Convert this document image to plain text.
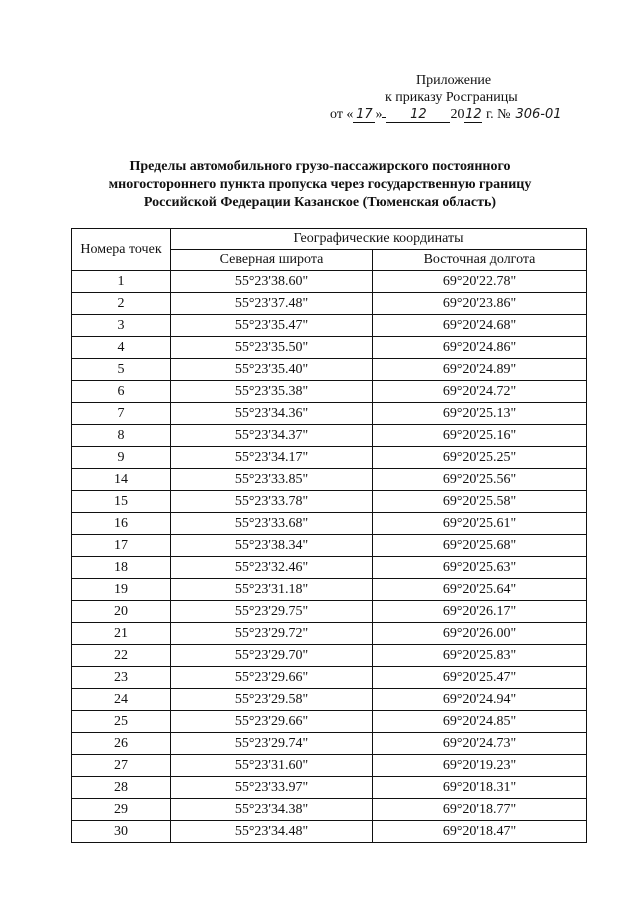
Приложение
к приказу Росграницы
от « 17 » 12 2012 г. № 306-01
Пределы автомобильного грузо-пассажирского постоянного
многостороннего пункта пропуска через государственную границу
Российской Федерации Казанское (Тюменская область)
Номера точек	Географические координаты	
	Северная широта	Восточная долгота
1	55°23'38.60"	69°20'22.78"
2	55°23'37.48"	69°20'23.86"
3	55°23'35.47"	69°20'24.68"
4	55°23'35.50"	69°20'24.86"
5	55°23'35.40"	69°20'24.89"
6	55°23'35.38"	69°20'24.72"
7	55°23'34.36"	69°20'25.13"
8	55°23'34.37"	69°20'25.16"
9	55°23'34.17"	69°20'25.25"
14	55°23'33.85"	69°20'25.56"
15	55°23'33.78"	69°20'25.58"
16	55°23'33.68"	69°20'25.61"
17	55°23'38.34"	69°20'25.68"
18	55°23'32.46"	69°20'25.63"
19	55°23'31.18"	69°20'25.64"
20	55°23'29.75"	69°20'26.17"
21	55°23'29.72"	69°20'26.00"
22	55°23'29.70"	69°20'25.83"
23	55°23'29.66"	69°20'25.47"
24	55°23'29.58"	69°20'24.94"
25	55°23'29.66"	69°20'24.85"
26	55°23'29.74"	69°20'24.73"
27	55°23'31.60"	69°20'19.23"
28	55°23'33.97"	69°20'18.31"
29	55°23'34.38"	69°20'18.77"
30	55°23'34.48"	69°20'18.47"
